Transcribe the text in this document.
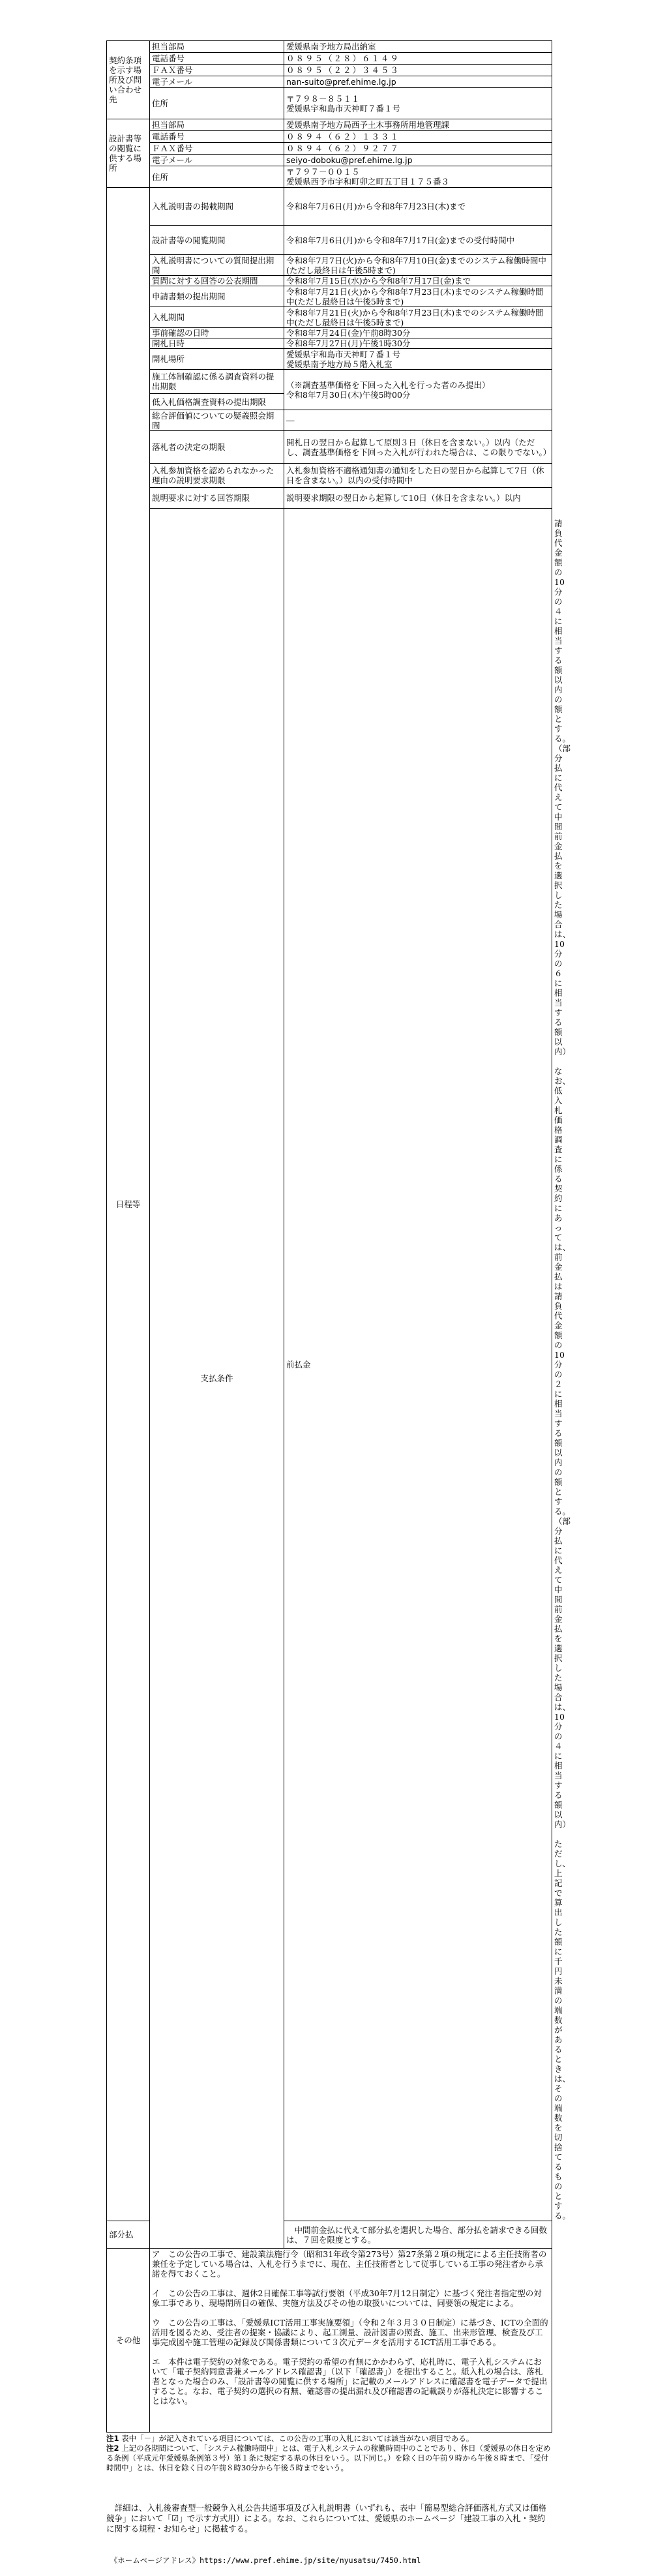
契約条項を示す場所及び問い合わせ先	担当部局	愛媛県南予地方局出納室	
	電話番号	０８９５（２８）６１４９	
	ＦＡＸ番号	０８９５（２２）３４５３	
	電子メール	nan-suito@pref.ehime.lg.jp	
	住所	〒７９８－８５１１
愛媛県宇和島市天神町７番１号	
設計書等の閲覧に供する場所	担当部局	愛媛県南予地方局西予土木事務所用地管理課	
	電話番号	０８９４（６２）１３３１	
	ＦＡＸ番号	０８９４（６２）９２７７	
	電子メール	seiyo-doboku@pref.ehime.lg.jp	
	住所	〒７９７－００１５
愛媛県西予市宇和町卯之町五丁目１７５番３	
日程等	入札説明書の掲載期間	令和8年7月6日(月)から令和8年7月23日(木)まで	
	設計書等の閲覧期間	令和8年7月6日(月)から令和8年7月17日(金)までの受付時間中	
	入札説明書についての質問提出期間	令和8年7月7日(火)から令和8年7月10日(金)までのシステム稼働時間中(ただし最終日は午後5時まで)	
	質問に対する回答の公表期間	令和8年7月15日(水)から令和8年7月17日(金)まで	
	申請書類の提出期間	令和8年7月21日(火)から令和8年7月23日(木)までのシステム稼働時間中(ただし最終日は午後5時まで)	
	入札期間	令和8年7月21日(火)から令和8年7月23日(木)までのシステム稼働時間中(ただし最終日は午後5時まで)	
	事前確認の日時	令和8年7月24日(金)午前8時30分	
	開札日時	令和8年7月27日(月)午後1時30分	
	開札場所	愛媛県宇和島市天神町７番１号
愛媛県南予地方局５階入札室	
	施工体制確認に係る調査資料の提出期限	（※調査基準価格を下回った入札を行った者のみ提出）
令和8年7月30日(木)午後5時00分	
	低入札価格調査資料の提出期限		
	総合評価値についての疑義照会期間	―	
	落札者の決定の期限	開札日の翌日から起算して原則３日（休日を含まない。）以内（ただし、調査基準価格を下回った入札が行われた場合は、この限りでない。）	
	入札参加資格を認められなかった理由の説明要求期限	入札参加資格不適格通知書の通知をした日の翌日から起算して7日（休日を含まない。）以内の受付時間中	
	説明要求に対する回答期限	説明要求期限の翌日から起算して10日（休日を含まない。）以内	
	支払条件	前払金	　請負代金額の10分の４に相当する額以内の額とする。（部分払に代えて中間前金払を選択した場合は、10分の６に相当する額以内）
　なお、低入札価格調査に係る契約にあっては、前金払は請負代金額の10分の２に相当する額以内の額とする。（部分払に代えて中間前金払を選択した場合は、10分の４に相当する額以内）
　ただし、上記で算出した額に千円未満の端数があるときは、その端数を切捨てるものとする。
部分払		　中間前金払に代えて部分払を選択した場合、部分払を請求できる回数は、７回を限度とする。	
その他	ア　この公告の工事で、建設業法施行令（昭和31年政令第273号）第27条第２項の規定による主任技術者の兼任を予定している場合は、入札を行うまでに、現在、主任技術者として従事している工事の発注者から承諾を得ておくこと。

イ　この公告の工事は、週休2日確保工事等試行要領（平成30年7月12日制定）に基づく発注者指定型の対象工事であり、現場閉所日の確保、実施方法及びその他の取扱いについては、同要領の規定による。

ウ　この公告の工事は、「愛媛県ICT活用工事実施要領」（令和２年３月３０日制定）に基づき、ICTの全面的活用を図るため、受注者の提案・協議により、起工測量、設計図書の照査、施工、出来形管理、検査及び工事完成図や施工管理の記録及び関係書類について３次元データを活用するICT活用工事である。

エ　本件は電子契約の対象である。電子契約の希望の有無にかかわらず、応札時に、電子入札システムにおいて「電子契約同意書兼メールアドレス確認書」（以下「確認書」）を提出すること。紙入札の場合は、落札者となった場合のみ、「設計書等の閲覧に供する場所」に記載のメールアドレスに確認書を電子データで提出すること。なお、電子契約の選択の有無、確認書の提出漏れ及び確認書の記載誤りが落札決定に影響することはない。		

注1 表中「－」が記入されている項目については、この公告の工事の入札においては該当がない項目である。
注2 上記の各期間について、「システム稼働時間中」とは、電子入札システムの稼働時間中のことであり、休日（愛媛県の休日を定める条例（平成元年愛媛県条例第３号）第１条に規定する県の休日をいう。以下同じ。）を除く日の午前９時から午後８時まで、「受付時間中」とは、休日を除く日の午前８時30分から午後５時までをいう。

　詳細は、入札後審査型一般競争入札公告共通事項及び入札説明書（いずれも、表中「簡易型総合評価落札方式又は価格競争」において「☑」で示す方式用）による。なお、これらについては、愛媛県のホームページ「建設工事の入札・契約に関する規程・お知らせ」に掲載する。

　《ホームページアドレス》https://www.pref.ehime.jp/site/nyusatsu/7450.html
